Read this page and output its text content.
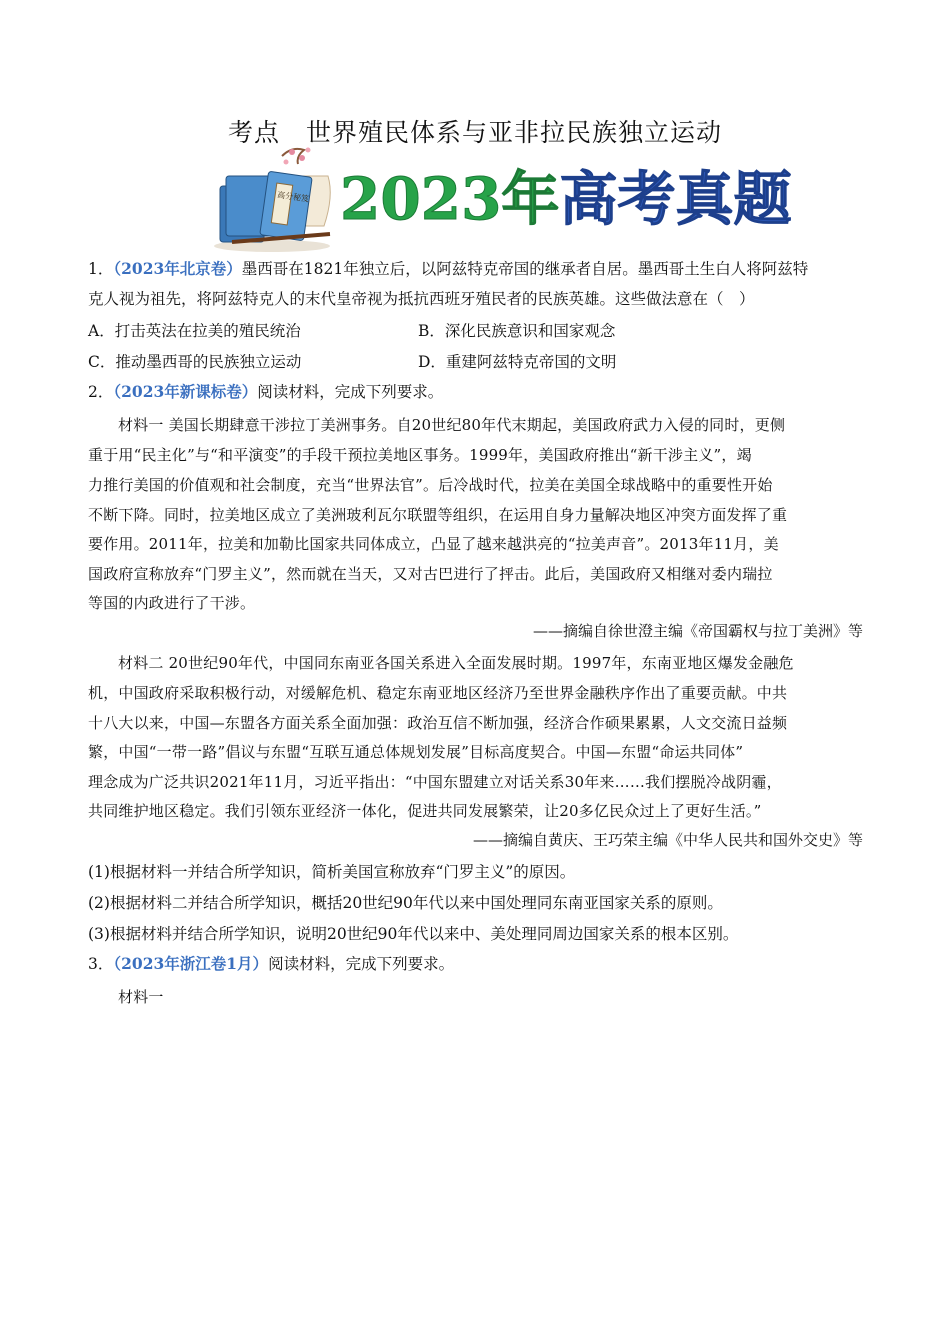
考点　世界殖民体系与亚非拉民族独立运动
高分秘笈 2023年高考真题
1．（2023年北京卷）墨西哥在1821年独立后，以阿兹特克帝国的继承者自居。墨西哥土生白人将阿兹特
克人视为祖先，将阿兹特克人的末代皇帝视为抵抗西班牙殖民者的民族英雄。这些做法意在（　）
A．打击英法在拉美的殖民统治	B．深化民族意识和国家观念
C．推动墨西哥的民族独立运动	D．重建阿兹特克帝国的文明
2．（2023年新课标卷）阅读材料，完成下列要求。
材料一 美国长期肆意干涉拉丁美洲事务。自20世纪80年代末期起，美国政府武力入侵的同时，更侧
重于用“民主化”与“和平演变”的手段干预拉美地区事务。1999年，美国政府推出“新干涉主义”，竭
力推行美国的价值观和社会制度，充当“世界法官”。后冷战时代，拉美在美国全球战略中的重要性开始
不断下降。同时，拉美地区成立了美洲玻利瓦尔联盟等组织，在运用自身力量解决地区冲突方面发挥了重
要作用。2011年，拉美和加勒比国家共同体成立，凸显了越来越洪亮的“拉美声音”。2013年11月，美
国政府宣称放弃“门罗主义”，然而就在当天，又对古巴进行了抨击。此后，美国政府又相继对委内瑞拉
等国的内政进行了干涉。
——摘编自徐世澄主编《帝国霸权与拉丁美洲》等
材料二 20世纪90年代，中国同东南亚各国关系进入全面发展时期。1997年，东南亚地区爆发金融危
机，中国政府采取积极行动，对缓解危机、稳定东南亚地区经济乃至世界金融秩序作出了重要贡献。中共
十八大以来，中国—东盟各方面关系全面加强：政治互信不断加强，经济合作硕果累累，人文交流日益频
繁，中国“一带一路”倡议与东盟“互联互通总体规划发展”目标高度契合。中国—东盟“命运共同体”
理念成为广泛共识2021年11月，习近平指出：“中国东盟建立对话关系30年来……我们摆脱冷战阴霾，
共同维护地区稳定。我们引领东亚经济一体化，促进共同发展繁荣，让20多亿民众过上了更好生活。”
——摘编自黄庆、王巧荣主编《中华人民共和国外交史》等
(1)根据材料一并结合所学知识，简析美国宣称放弃“门罗主义”的原因。
(2)根据材料二并结合所学知识，概括20世纪90年代以来中国处理同东南亚国家关系的原则。
(3)根据材料并结合所学知识，说明20世纪90年代以来中、美处理同周边国家关系的根本区别。
3．（2023年浙江卷1月）阅读材料，完成下列要求。
材料一
